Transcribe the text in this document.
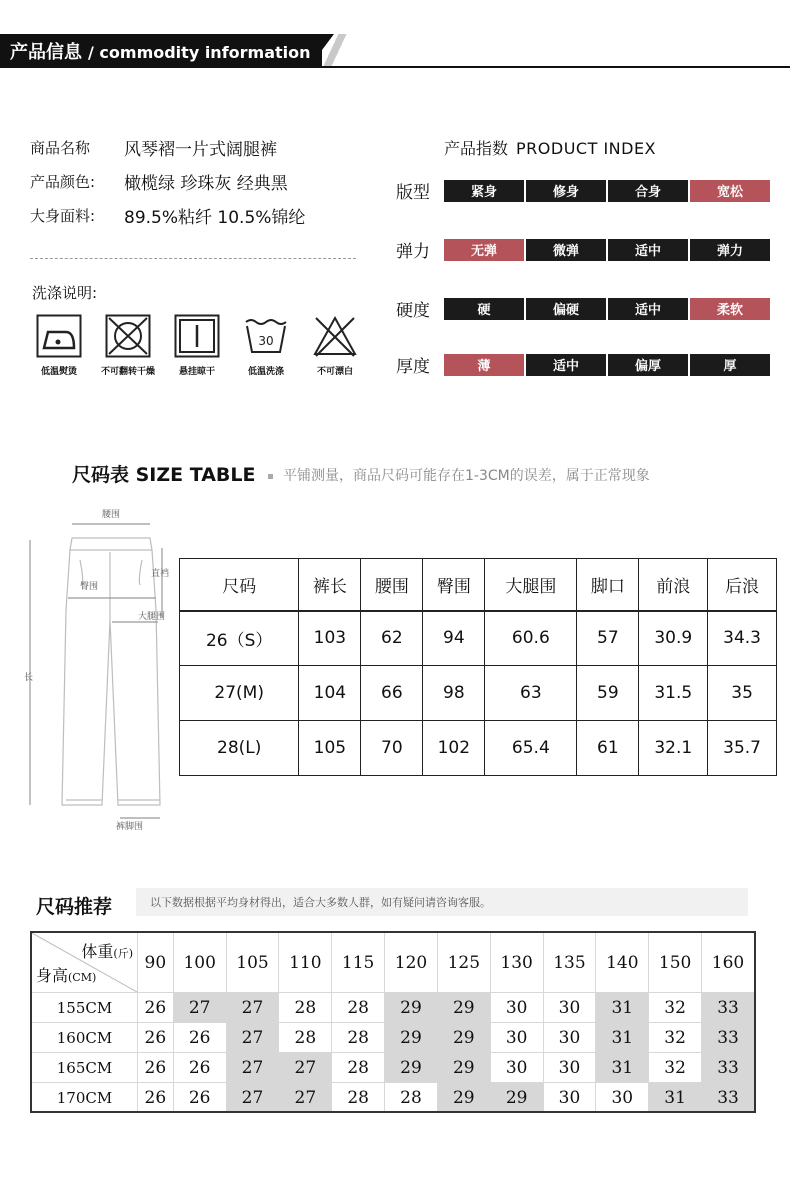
产品信息 / commodity information
商品名称	风琴褶一片式阔腿裤
产品颜色:	橄榄绿 珍珠灰 经典黑
大身面料:	89.5%粘纤 10.5%锦纶
洗涤说明:
低温熨烫	不可翻转干燥	悬挂晾干
30
低温洗涤	不可漂白
产品指数 PRODUCT INDEX
版型	紧身	修身	合身	宽松
弹力	无弹	微弹	适中	弹力
硬度	硬	偏硬	适中	柔软
厚度	薄	适中	偏厚	厚
尺码表 SIZE TABLE	平铺测量，商品尺码可能存在1-3CM的误差，属于正常现象
腰围
臀围
直裆
大腿围
长
裤脚围
尺码	裤长	腰围	臀围	大腿围	脚口	前浪	后浪
26（S）	103	62	94	60.6	57	30.9	34.3
27(M)	104	66	98	63	59	31.5	35
28(L)	105	70	102	65.4	61	32.1	35.7
尺码推荐	以下数据根据平均身材得出，适合大多数人群，如有疑问请咨询客服。
体重(斤)
身高(CM)	90	100	105	110	115	120	125	130	135	140	150	160
155CM	26	27	27	28	28	29	29	30	30	31	32	33
160CM	26	26	27	28	28	29	29	30	30	31	32	33
165CM	26	26	27	27	28	29	29	30	30	31	32	33
170CM	26	26	27	27	28	28	29	29	30	30	31	33
